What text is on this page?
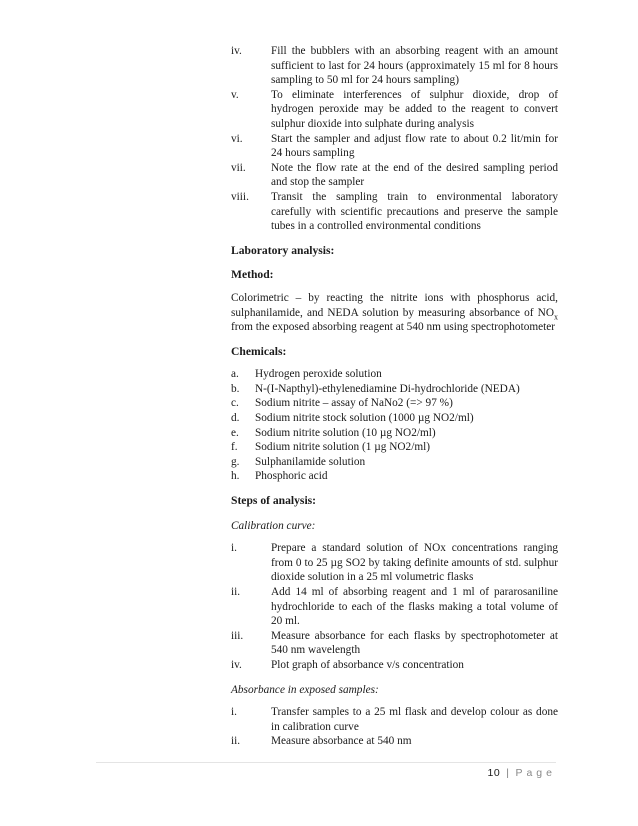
iv.	Fill the bubblers with an absorbing reagent with an amount sufficient to last for 24 hours (approximately 15 ml for 8 hours sampling to 50 ml for 24 hours sampling)
v.	To eliminate interferences of sulphur dioxide, drop of hydrogen peroxide may be added to the reagent to convert sulphur dioxide into sulphate during analysis
vi.	Start the sampler and adjust flow rate to about 0.2 lit/min for 24 hours sampling
vii.	Note the flow rate at the end of the desired sampling period and stop the sampler
viii.	Transit the sampling train to environmental laboratory carefully with scientific precautions and preserve the sample tubes in a controlled environmental conditions
Laboratory analysis:
Method:
Colorimetric – by reacting the nitrite ions with phosphorus acid, sulphanilamide, and NEDA solution by measuring absorbance of $NO_x$ from the exposed absorbing reagent at 540 nm using spectrophotometer
Chemicals:
a.	Hydrogen peroxide solution
b.	N-(I-Napthyl)-ethylenediamine Di-hydrochloride (NEDA)
c.	Sodium nitrite – assay of NaNo2 (=> 97 %)
d.	Sodium nitrite stock solution (1000 µg NO2/ml)
e.	Sodium nitrite solution (10 µg NO2/ml)
f.	Sodium nitrite solution (1 µg NO2/ml)
g.	Sulphanilamide solution
h.	Phosphoric acid
Steps of analysis:
Calibration curve:
i.	Prepare a standard solution of NOx concentrations ranging from 0 to 25 µg SO2 by taking definite amounts of std. sulphur dioxide solution in a 25 ml volumetric flasks
ii.	Add 14 ml of absorbing reagent and 1 ml of pararosaniline hydrochloride to each of the flasks making a total volume of 20 ml.
iii.	Measure absorbance for each flasks by spectrophotometer at 540 nm wavelength
iv.	Plot graph of absorbance v/s concentration
Absorbance in exposed samples:
i.	Transfer samples to a 25 ml flask and develop colour as done in calibration curve
ii.	Measure absorbance at 540 nm
10 | Page
